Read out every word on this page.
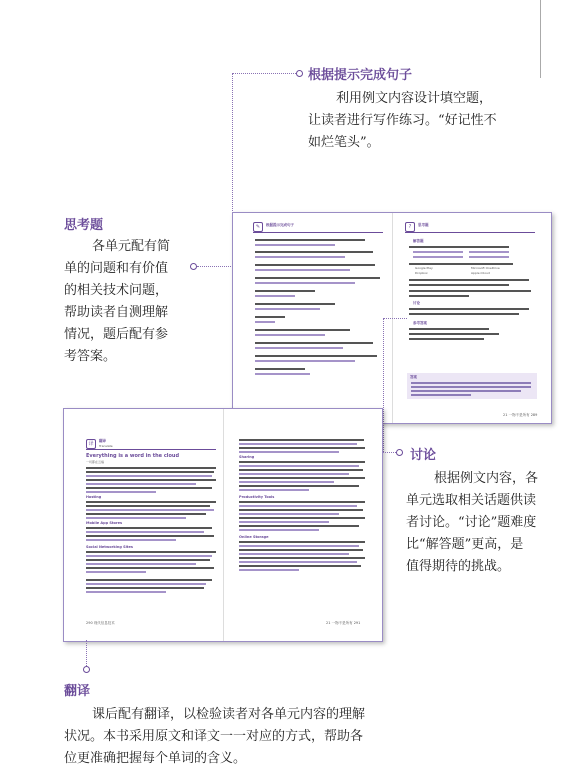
根据提示完成句子
利用例文内容设计填空题，
让读者进行写作练习。“好记性不
如烂笔头”。
思考题
各单元配有简
单的问题和有价值
的相关技术问题，
帮助读者自测理解
情况，题后配有参
考答案。
✎	根据提示完成句子	?	思考题
解答题
Google Play	Microsoft OneDrive
Dropbox	Apple iCloud
讨论
参考答案
答案
21 一物不是所有 289
译	翻译
Translate
Everything is a word in the cloud
一切都在云端
Hosting
Mobile App Stores
Social Networking Sites
290 现代信息技术
Sharing
Productivity Tools
Online Storage
21 一物不是所有 291
讨论
根据例文内容，各
单元选取相关话题供读
者讨论。“讨论”题难度
比“解答题”更高，是
值得期待的挑战。
翻译
课后配有翻译，以检验读者对各单元内容的理解
状况。本书采用原文和译文一一对应的方式，帮助各
位更准确把握每个单词的含义。
